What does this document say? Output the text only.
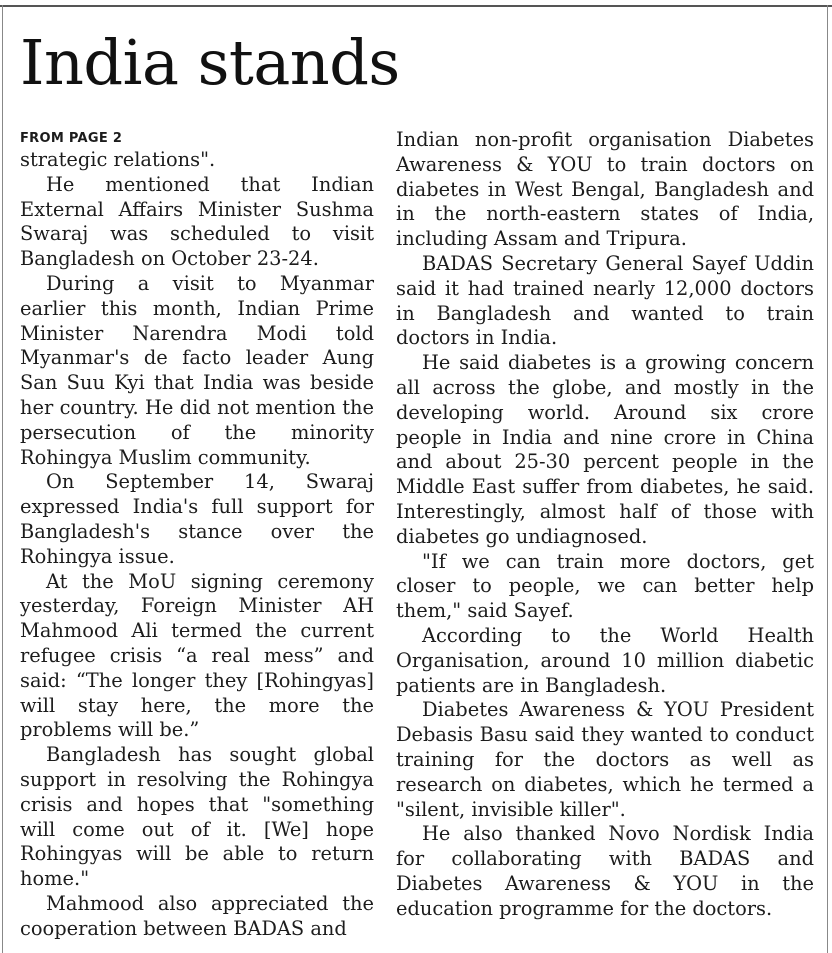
India stands
FROM PAGE 2

strategic relations".

He mentioned that Indian External Affairs Minister Sushma Swaraj was scheduled to visit Bangladesh on October 23-24.

During a visit to Myanmar earlier this month, Indian Prime Minister Narendra Modi told Myanmar's de facto leader Aung San Suu Kyi that India was beside her country. He did not mention the persecution of the minority Rohingya Muslim community.

On September 14, Swaraj expressed India's full support for Bangladesh's stance over the Rohingya issue.

At the MoU signing ceremony yesterday, Foreign Minister AH Mahmood Ali termed the current refugee crisis “a real mess” and said: “The longer they [Rohingyas] will stay here, the more the problems will be.”

Bangladesh has sought global support in resolving the Rohingya crisis and hopes that "something will come out of it. [We] hope Rohingyas will be able to return home."

Mahmood also appreciated the cooperation between BADAS and

Indian non-profit organisation Diabetes Awareness & YOU to train doctors on diabetes in West Bengal, Bangladesh and in the north-eastern states of India, including Assam and Tripura.

BADAS Secretary General Sayef Uddin said it had trained nearly 12,000 doctors in Bangladesh and wanted to train doctors in India.

He said diabetes is a growing concern all across the globe, and mostly in the developing world. Around six crore people in India and nine crore in China and about 25-30 percent people in the Middle East suffer from diabetes, he said. Interestingly, almost half of those with diabetes go undiagnosed.

"If we can train more doctors, get closer to people, we can better help them," said Sayef.

According to the World Health Organisation, around 10 million diabetic patients are in Bangladesh.

Diabetes Awareness & YOU President Debasis Basu said they wanted to conduct training for the doctors as well as research on diabetes, which he termed a "silent, invisible killer".

He also thanked Novo Nordisk India for collaborating with BADAS and Diabetes Awareness & YOU in the education programme for the doctors.
